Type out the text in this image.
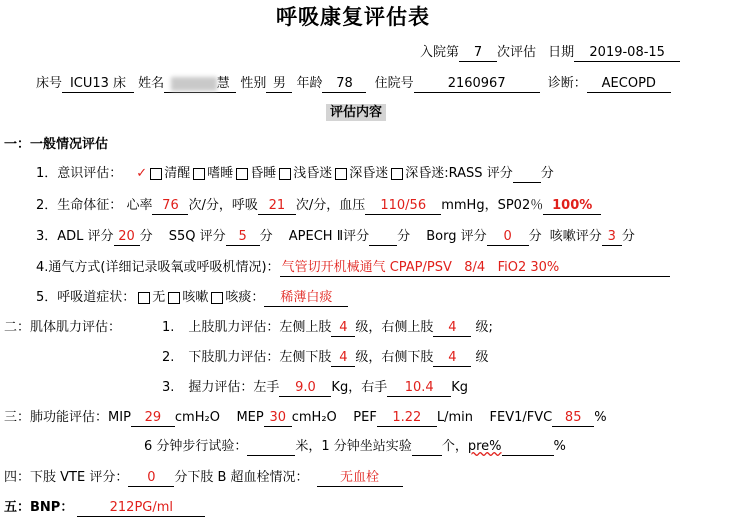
呼吸康复评估表
入院第 7 次评估 日期 2019-08-15
床号 ICU13 床 姓名	慧 性别 男 年龄 78 住院号	2160967	诊断： AECOPD
评估内容
一：一般情况评估
1．意识评估： ✓ 清醒 嗜睡 昏睡 浅昏迷 深昏迷 深昏迷:RASS 评分 分
2．生命体征： 心率 76 次/分，呼吸 21 次/分，血压 110/56 mmHg，SP02％ 100%
3．ADL 评分 20 分 S5Q 评分 5 分 APECH Ⅱ评分 分 Borg 评分 0 分 咳嗽评分 3 分
4.通气方式(详细记录吸氧或呼吸机情况)： 气管切开机械通气 CPAP/PSV   8/4   FiO2 30%
5．呼吸道症状： 无 咳嗽 咳痰： 稀薄白痰
二：肌体肌力评估：	1. 上肢肌力评估：左侧上肢 4 级，右侧上肢 4 级;
2. 下肢肌力评估：左侧下肢 4 级，右侧下肢 4 级
3. 握力评估：左手 9.0 Kg，右手 10.4 Kg
三：肺功能评估：MIP 29 cmH₂O    MEP 30 cmH₂O    PEF 1.22 L/min    FEV1/FVC 85 %
6 分钟步行试验：	米，1 分钟坐站实验 个，pre%	%
四：下肢 VTE 评分： 0 分下肢 B 超血栓情况： 无血栓
五：BNP：	212PG/ml
